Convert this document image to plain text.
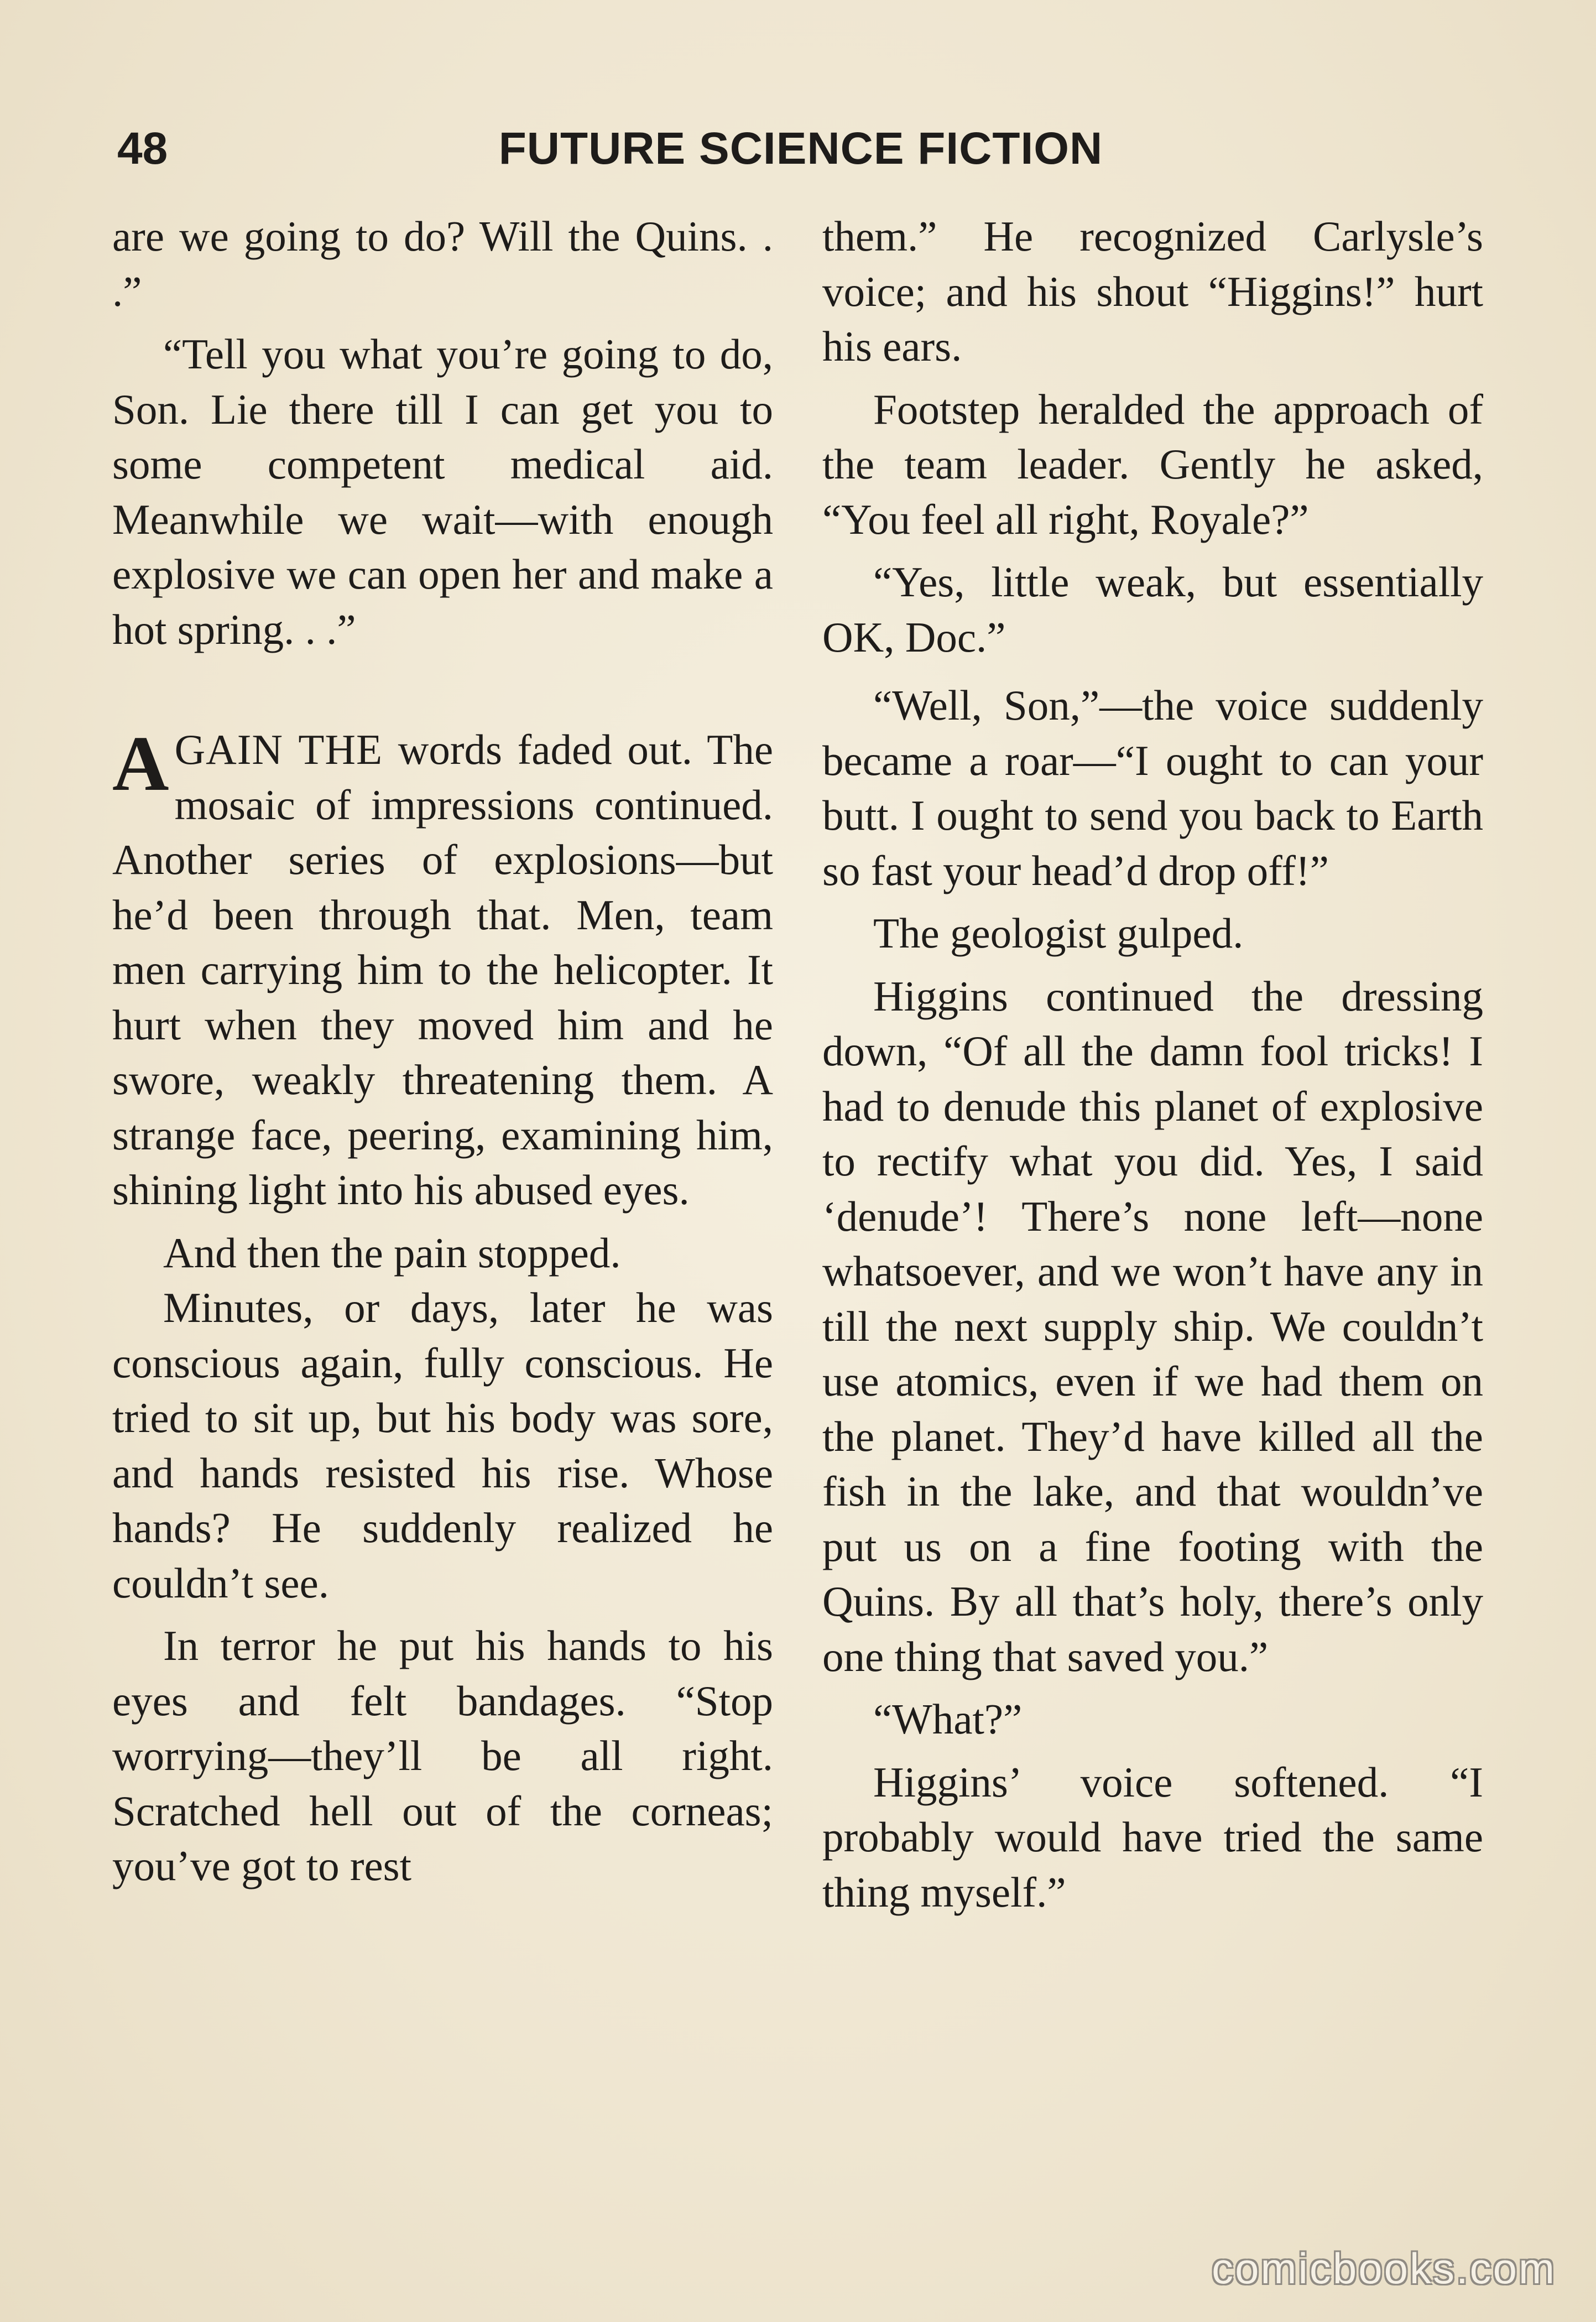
48	FUTURE SCIENCE FICTION

are we going to do? Will the Quins. . .”

“Tell you what you’re going to do, Son. Lie there till I can get you to some competent medical aid. Meanwhile we wait—with enough explosive we can open her and make a hot spring. . .”

AGAIN THE words faded out. The mosaic of impressions continued. Another series of explosions—but he’d been through that. Men, team men carrying him to the helicopter. It hurt when they moved him and he swore, weakly threatening them. A strange face, peering, examining him, shining light into his abused eyes.

And then the pain stopped.

Minutes, or days, later he was conscious again, fully conscious. He tried to sit up, but his body was sore, and hands resisted his rise. Whose hands? He suddenly realized he couldn’t see.

In terror he put his hands to his eyes and felt bandages. “Stop worrying—they’ll be all right. Scratched hell out of the corneas; you’ve got to rest

them.” He recognized Carlysle’s voice; and his shout “Higgins!” hurt his ears.

Footstep heralded the approach of the team leader. Gently he asked, “You feel all right, Royale?”

“Yes, little weak, but essentially OK, Doc.”

“Well, Son,”—the voice suddenly became a roar—“I ought to can your butt. I ought to send you back to Earth so fast your head’d drop off!”

The geologist gulped.

Higgins continued the dressing down, “Of all the damn fool tricks! I had to denude this planet of explosive to rectify what you did. Yes, I said ‘denude’! There’s none left—none whatsoever, and we won’t have any in till the next supply ship. We couldn’t use atomics, even if we had them on the planet. They’d have killed all the fish in the lake, and that wouldn’ve put us on a fine footing with the Quins. By all that’s holy, there’s only one thing that saved you.”

“What?”

Higgins’ voice softened. “I probably would have tried the same thing myself.”

comicbooks.com
